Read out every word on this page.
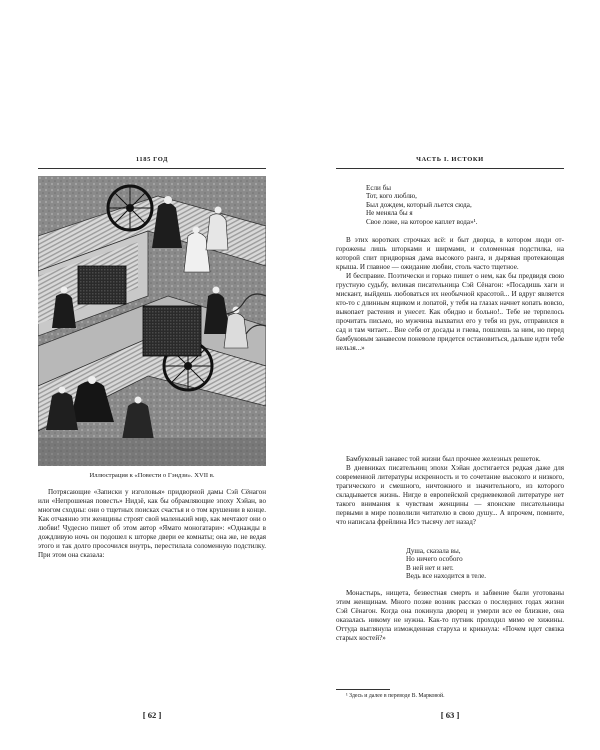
1185 ГОД
Иллюстрация к «Повести о Гэндзи». XVII в.

Потрясающие «Записки у изголовья» придворной дамы Сэй Сёнагон или «Непрошеная повесть» Нидзё, как бы обрамляющие эпоху Хэйан, во многом сходны: они о тщетных поисках счастья и о том крушении в конце. Как отчаянно эти женщины строят свой маленький мир, как мечтают они о любви! Чудесно пишет об этом автор «Ямато моногатари»: «Однажды в дождливую ночь он подошел к шторке двери ее комнаты; она же, не ведая этого и так долго просочился внутрь, перестилала соломенную подстилку. При этом она сказала:

[ 62 ]
ЧАСТЬ I. ИСТОКИ
Если бы
Тот, кого люблю,
Был дождем, который льется сюда,
Не меняла бы я
Свое ложе, на которое каплет вода»¹.

В этих коротких строчках всё: и быт дворца, в котором люди от-горожены лишь шторками и ширмами, и соломенная подстилка, на которой спит придворная дама высокого ранга, и дырявая протекающая крыша. И главное — ожидание любви, столь часто тщетное.

И бесправие. Поэтически и горько пишет о нем, как бы предвидя свою грустную судьбу, великая писательница Сэй Сёнагон: «Посадишь хаги и мискант, выйдешь любоваться их необычной красотой... И вдруг является кто-то с длинным ящиком и лопатой, у тебя на глазах начнет копать вовсю, выкопает растения и унесет. Как обидно и больно!.. Тебе не терпелось прочитать письмо, но мужчина выхватил его у тебя из рук, отправился в сад и там читает... Вне себя от досады и гнева, пошлешь за ним, но перед бамбуковым занавесом поневоле придется остановиться, дальше идти тебе нельзя...»

Бамбуковый занавес той жизни был прочнее железных решеток.

В дневниках писательниц эпохи Хэйан достигается редкая даже для современной литературы искренность и то сочетание высокого и низкого, трагического и смешного, ничтожного и значительного, из которого складывается жизнь. Нигде в европейской средневековой литературе нет такого внимания к чувствам женщины — японские писательницы первыми в мире позволили читателю в свою душу... А впрочем, помните, что написала фрейлина Исэ тысячу лет назад?

Душа, сказала вы,
Но ничего особого
В ней нет и нет.
Ведь все находится в теле.

Монастырь, нищета, безвестная смерть и забвение были уготованы этим женщинам. Много позже возник рассказ о последних годах жизни Сэй Сёнагон. Когда она покинула дворец и умерли все ее близкие, она оказалась никому не нужна. Как-то путник проходил мимо ее хижины. Оттуда выглянула изможденная старуха и крикнула: «Почем идет связка старых костей?»

¹ Здесь и далее в переводе В. Марковой.
[ 63 ]
